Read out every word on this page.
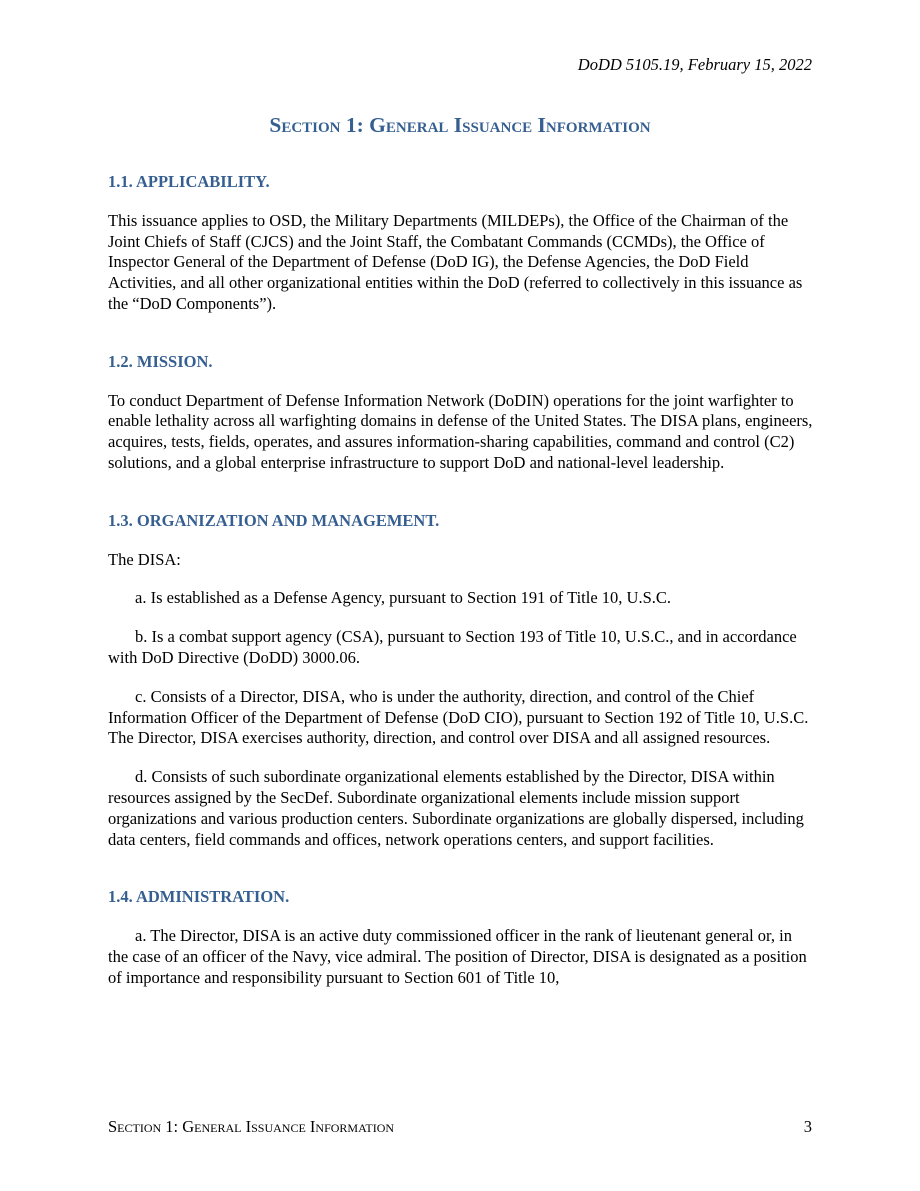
DoDD 5105.19, February 15, 2022
Section 1: General Issuance Information
1.1. APPLICABILITY.
This issuance applies to OSD, the Military Departments (MILDEPs), the Office of the Chairman of the Joint Chiefs of Staff (CJCS) and the Joint Staff, the Combatant Commands (CCMDs), the Office of Inspector General of the Department of Defense (DoD IG), the Defense Agencies, the DoD Field Activities, and all other organizational entities within the DoD (referred to collectively in this issuance as the “DoD Components”).
1.2. MISSION.
To conduct Department of Defense Information Network (DoDIN) operations for the joint warfighter to enable lethality across all warfighting domains in defense of the United States. The DISA plans, engineers, acquires, tests, fields, operates, and assures information-sharing capabilities, command and control (C2) solutions, and a global enterprise infrastructure to support DoD and national-level leadership.
1.3. ORGANIZATION AND MANAGEMENT.
The DISA:
a. Is established as a Defense Agency, pursuant to Section 191 of Title 10, U.S.C.
b. Is a combat support agency (CSA), pursuant to Section 193 of Title 10, U.S.C., and in accordance with DoD Directive (DoDD) 3000.06.
c. Consists of a Director, DISA, who is under the authority, direction, and control of the Chief Information Officer of the Department of Defense (DoD CIO), pursuant to Section 192 of Title 10, U.S.C. The Director, DISA exercises authority, direction, and control over DISA and all assigned resources.
d. Consists of such subordinate organizational elements established by the Director, DISA within resources assigned by the SecDef. Subordinate organizational elements include mission support organizations and various production centers. Subordinate organizations are globally dispersed, including data centers, field commands and offices, network operations centers, and support facilities.
1.4. ADMINISTRATION.
a. The Director, DISA is an active duty commissioned officer in the rank of lieutenant general or, in the case of an officer of the Navy, vice admiral. The position of Director, DISA is designated as a position of importance and responsibility pursuant to Section 601 of Title 10,
Section 1: General Issuance Information	3
